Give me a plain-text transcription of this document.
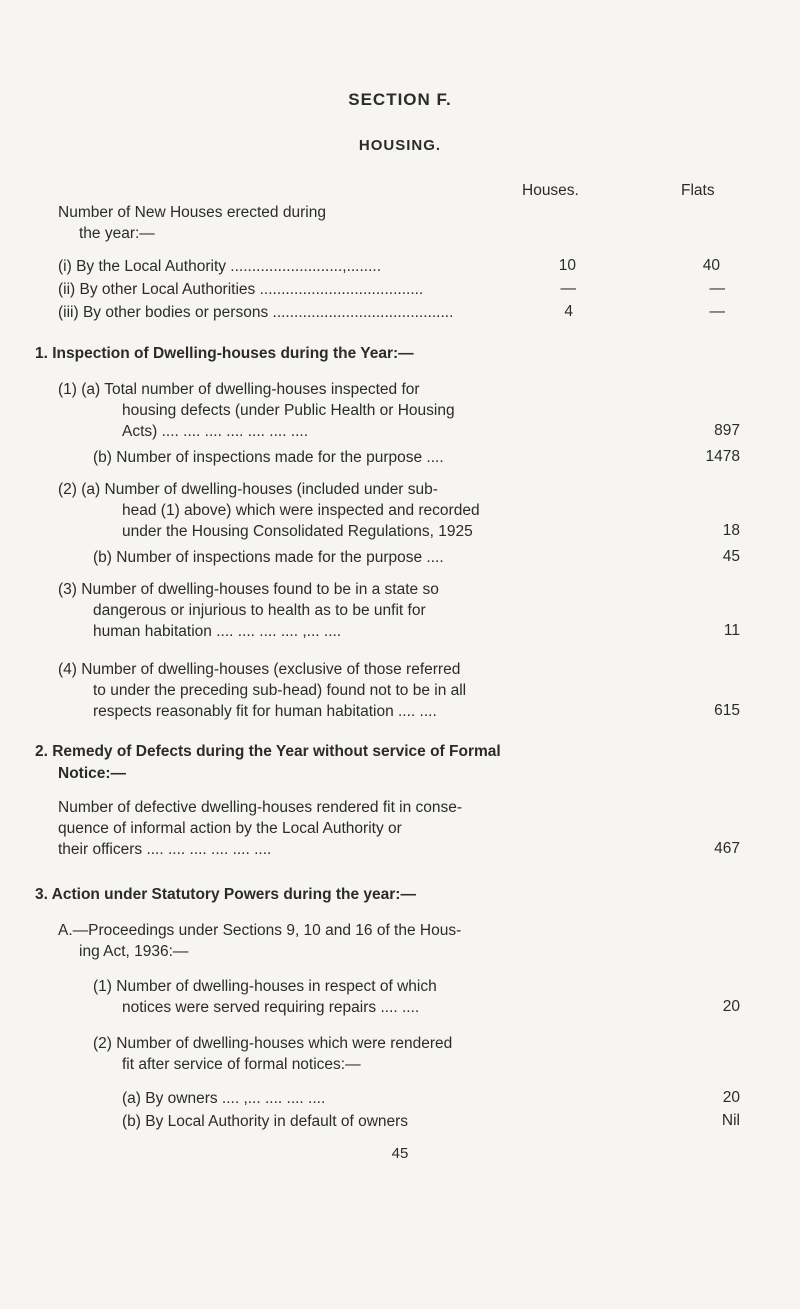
SECTION F.
HOUSING.
Houses.	Flats
Number of New Houses erected during
the year:—
(i) By the Local Authority ..........................,........	10	40
(ii) By other Local Authorities ......................................	—	—
(iii) By other bodies or persons ..........................................	4	—
1. Inspection of Dwelling-houses during the Year:—
(1) (a) Total number of dwelling-houses inspected for
housing defects (under Public Health or Housing
Acts) .... .... .... .... .... .... ....	897
(b) Number of inspections made for the purpose ....	1478
(2) (a) Number of dwelling-houses (included under sub-
head (1) above) which were inspected and recorded
under the Housing Consolidated Regulations, 1925	18
(b) Number of inspections made for the purpose ....	45
(3) Number of dwelling-houses found to be in a state so
dangerous or injurious to health as to be unfit for
human habitation .... .... .... .... ,... ....	11
(4) Number of dwelling-houses (exclusive of those referred
to under the preceding sub-head) found not to be in all
respects reasonably fit for human habitation .... ....	615
2. Remedy of Defects during the Year without service of Formal
Notice:—
Number of defective dwelling-houses rendered fit in conse-
quence of informal action by the Local Authority or
their officers .... .... .... .... .... ....	467
3. Action under Statutory Powers during the year:—
A.—Proceedings under Sections 9, 10 and 16 of the Hous-
ing Act, 1936:—
(1) Number of dwelling-houses in respect of which
notices were served requiring repairs .... ....	20
(2) Number of dwelling-houses which were rendered
fit after service of formal notices:—
(a) By owners .... ,... .... .... ....	20
(b) By Local Authority in default of owners	Nil
45
